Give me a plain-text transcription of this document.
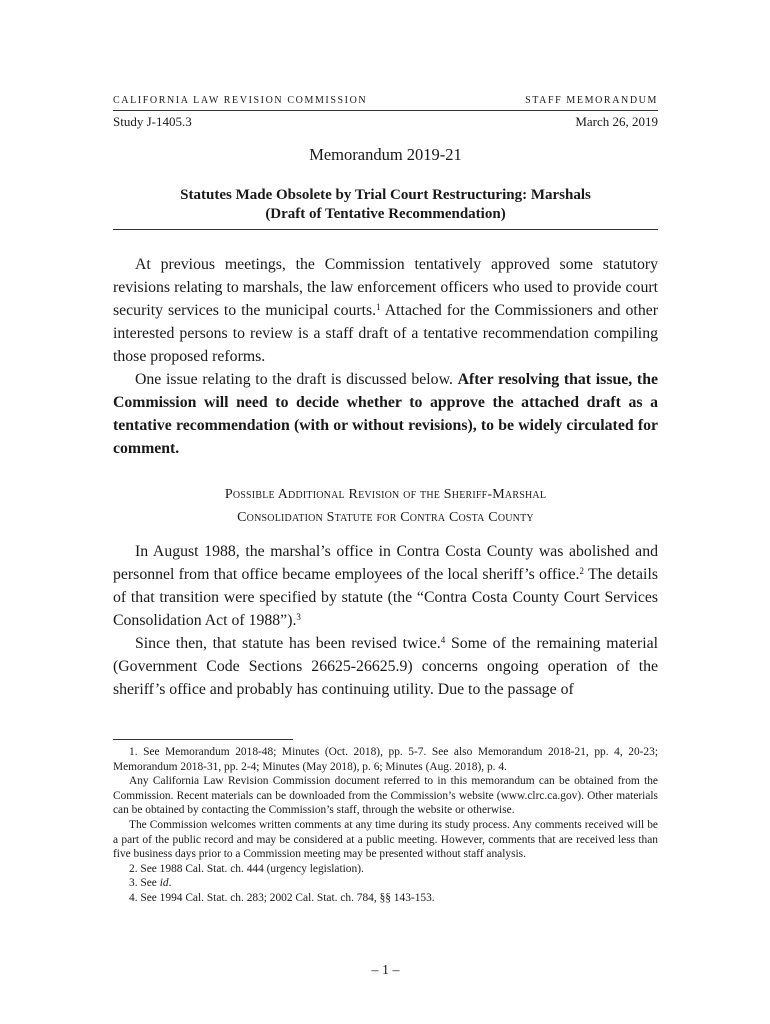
CALIFORNIA LAW REVISION COMMISSION	STAFF MEMORANDUM
Study J-1405.3	March 26, 2019
Memorandum 2019-21
Statutes Made Obsolete by Trial Court Restructuring: Marshals
(Draft of Tentative Recommendation)

At previous meetings, the Commission tentatively approved some statutory revisions relating to marshals, the law enforcement officers who used to provide court security services to the municipal courts.$^1$ Attached for the Commissioners and other interested persons to review is a staff draft of a tentative recommendation compiling those proposed reforms.

One issue relating to the draft is discussed below. After resolving that issue, the Commission will need to decide whether to approve the attached draft as a tentative recommendation (with or without revisions), to be widely circulated for comment.

Possible Additional Revision of the Sheriff-Marshal
Consolidation Statute for Contra Costa County

In August 1988, the marshal’s office in Contra Costa County was abolished and personnel from that office became employees of the local sheriff’s office.$^2$ The details of that transition were specified by statute (the “Contra Costa County Court Services Consolidation Act of 1988”).$^3$

Since then, that statute has been revised twice.$^4$ Some of the remaining material (Government Code Sections 26625-26625.9) concerns ongoing operation of the sheriff’s office and probably has continuing utility. Due to the passage of

1. See Memorandum 2018-48; Minutes (Oct. 2018), pp. 5-7. See also Memorandum 2018-21, pp. 4, 20-23; Memorandum 2018-31, pp. 2-4; Minutes (May 2018), p. 6; Minutes (Aug. 2018), p. 4.

Any California Law Revision Commission document referred to in this memorandum can be obtained from the Commission. Recent materials can be downloaded from the Commission’s website (www.clrc.ca.gov). Other materials can be obtained by contacting the Commission’s staff, through the website or otherwise.

The Commission welcomes written comments at any time during its study process. Any comments received will be a part of the public record and may be considered at a public meeting. However, comments that are received less than five business days prior to a Commission meeting may be presented without staff analysis.

2. See 1988 Cal. Stat. ch. 444 (urgency legislation).

3. See id.

4. See 1994 Cal. Stat. ch. 283; 2002 Cal. Stat. ch. 784, §§ 143-153.

– 1 –
